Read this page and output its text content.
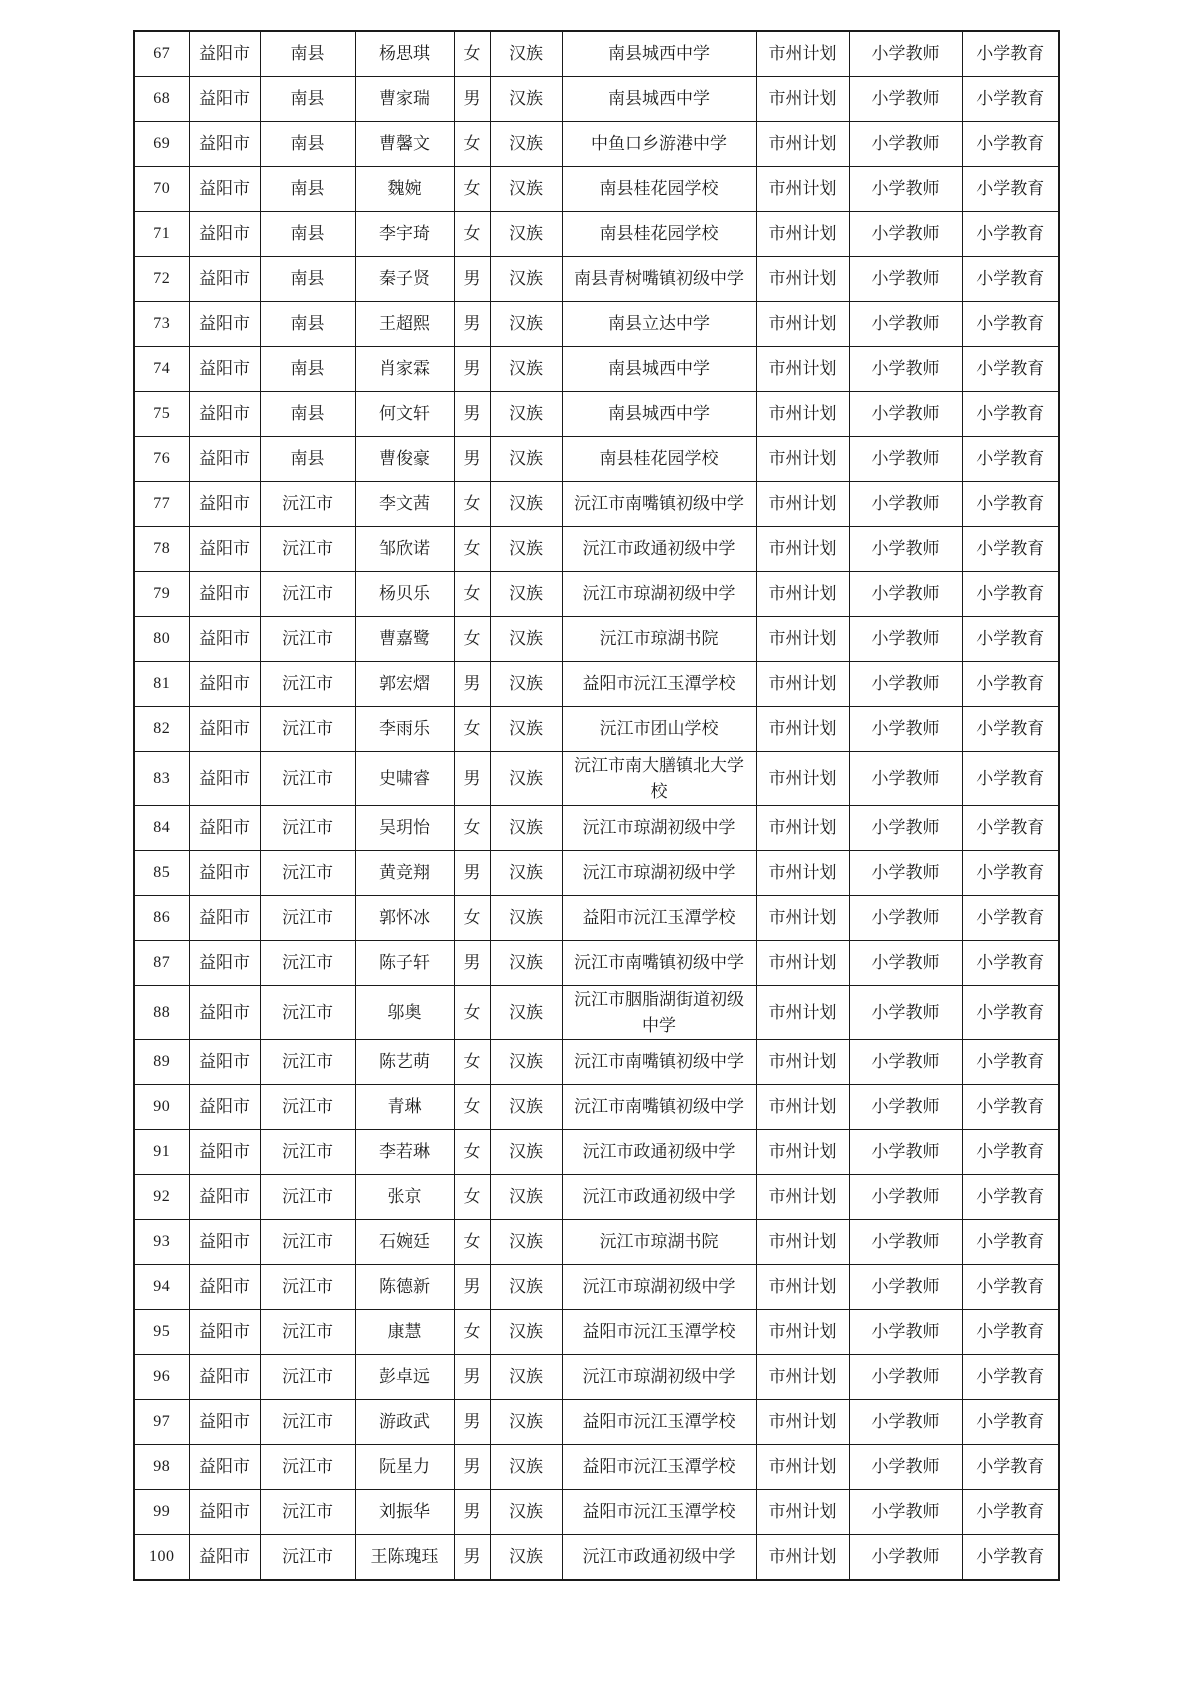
67	益阳市	南县	杨思琪	女	汉族	南县城西中学	市州计划	小学教师	小学教育
68	益阳市	南县	曹家瑞	男	汉族	南县城西中学	市州计划	小学教师	小学教育
69	益阳市	南县	曹馨文	女	汉族	中鱼口乡游港中学	市州计划	小学教师	小学教育
70	益阳市	南县	魏婉	女	汉族	南县桂花园学校	市州计划	小学教师	小学教育
71	益阳市	南县	李宇琦	女	汉族	南县桂花园学校	市州计划	小学教师	小学教育
72	益阳市	南县	秦子贤	男	汉族	南县青树嘴镇初级中学	市州计划	小学教师	小学教育
73	益阳市	南县	王超熙	男	汉族	南县立达中学	市州计划	小学教师	小学教育
74	益阳市	南县	肖家霖	男	汉族	南县城西中学	市州计划	小学教师	小学教育
75	益阳市	南县	何文轩	男	汉族	南县城西中学	市州计划	小学教师	小学教育
76	益阳市	南县	曹俊豪	男	汉族	南县桂花园学校	市州计划	小学教师	小学教育
77	益阳市	沅江市	李文茜	女	汉族	沅江市南嘴镇初级中学	市州计划	小学教师	小学教育
78	益阳市	沅江市	邹欣诺	女	汉族	沅江市政通初级中学	市州计划	小学教师	小学教育
79	益阳市	沅江市	杨贝乐	女	汉族	沅江市琼湖初级中学	市州计划	小学教师	小学教育
80	益阳市	沅江市	曹嘉鹭	女	汉族	沅江市琼湖书院	市州计划	小学教师	小学教育
81	益阳市	沅江市	郭宏熠	男	汉族	益阳市沅江玉潭学校	市州计划	小学教师	小学教育
82	益阳市	沅江市	李雨乐	女	汉族	沅江市团山学校	市州计划	小学教师	小学教育
83	益阳市	沅江市	史啸睿	男	汉族	沅江市南大膳镇北大学校	市州计划	小学教师	小学教育
84	益阳市	沅江市	吴玥怡	女	汉族	沅江市琼湖初级中学	市州计划	小学教师	小学教育
85	益阳市	沅江市	黄竞翔	男	汉族	沅江市琼湖初级中学	市州计划	小学教师	小学教育
86	益阳市	沅江市	郭怀冰	女	汉族	益阳市沅江玉潭学校	市州计划	小学教师	小学教育
87	益阳市	沅江市	陈子轩	男	汉族	沅江市南嘴镇初级中学	市州计划	小学教师	小学教育
88	益阳市	沅江市	邬奥	女	汉族	沅江市胭脂湖街道初级中学	市州计划	小学教师	小学教育
89	益阳市	沅江市	陈艺萌	女	汉族	沅江市南嘴镇初级中学	市州计划	小学教师	小学教育
90	益阳市	沅江市	青琳	女	汉族	沅江市南嘴镇初级中学	市州计划	小学教师	小学教育
91	益阳市	沅江市	李若琳	女	汉族	沅江市政通初级中学	市州计划	小学教师	小学教育
92	益阳市	沅江市	张京	女	汉族	沅江市政通初级中学	市州计划	小学教师	小学教育
93	益阳市	沅江市	石婉廷	女	汉族	沅江市琼湖书院	市州计划	小学教师	小学教育
94	益阳市	沅江市	陈德新	男	汉族	沅江市琼湖初级中学	市州计划	小学教师	小学教育
95	益阳市	沅江市	康慧	女	汉族	益阳市沅江玉潭学校	市州计划	小学教师	小学教育
96	益阳市	沅江市	彭卓远	男	汉族	沅江市琼湖初级中学	市州计划	小学教师	小学教育
97	益阳市	沅江市	游政武	男	汉族	益阳市沅江玉潭学校	市州计划	小学教师	小学教育
98	益阳市	沅江市	阮星力	男	汉族	益阳市沅江玉潭学校	市州计划	小学教师	小学教育
99	益阳市	沅江市	刘振华	男	汉族	益阳市沅江玉潭学校	市州计划	小学教师	小学教育
100	益阳市	沅江市	王陈瑰珏	男	汉族	沅江市政通初级中学	市州计划	小学教师	小学教育
